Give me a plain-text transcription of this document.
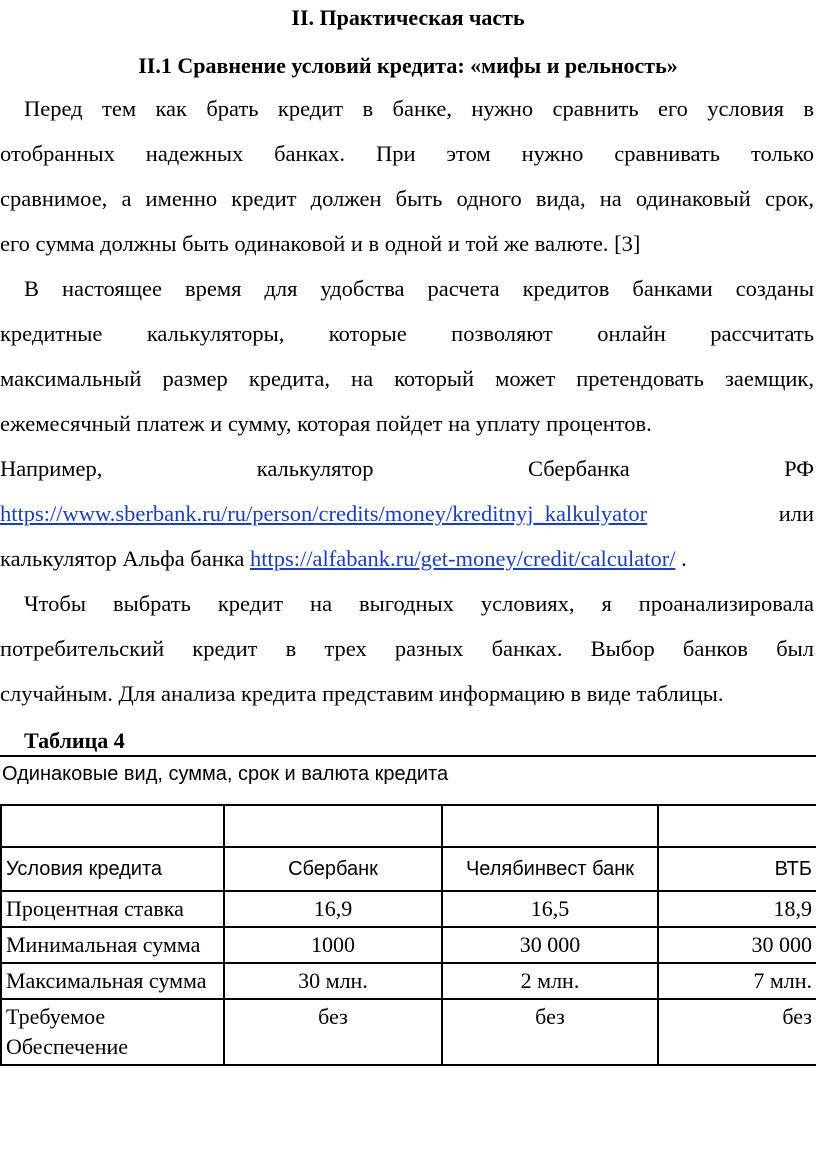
II. Практическая часть
II.1 Сравнение условий кредита: «мифы и рельность»
Перед тем как брать кредит в банке, нужно сравнить его условия в
отобранных надежных банках. При этом нужно сравнивать только
сравнимое, а именно кредит должен быть одного вида, на одинаковый срок,
его сумма должны быть одинаковой и в одной и той же валюте. [3]
В настоящее время для удобства расчета кредитов банками созданы
кредитные калькуляторы, которые позволяют онлайн рассчитать
максимальный размер кредита, на который может претендовать заемщик,
ежемесячный платеж и сумму, которая пойдет на уплату процентов.
Например,	калькулятор	Сбербанка	РФ
https://www.sberbank.ru/ru/person/credits/money/kreditnyj_kalkulyator	или
калькулятор Альфа банка https://alfabank.ru/get-money/credit/calculator/ .
Чтобы выбрать кредит на выгодных условиях, я проанализировала
потребительский кредит в трех разных банках. Выбор банков был
случайным. Для анализа кредита представим информацию в виде таблицы.
Таблица 4
Одинаковые вид, сумма, срок и валюта кредита

Условия кредита	Сбербанк	Челябинвест банк	ВТБ
Процентная ставка	16,9	16,5	18,9
Минимальная сумма	1000	30 000	30 000
Максимальная сумма	30 млн.	2 млн.	7 млн.
Требуемое Обеспечение	без	без	без
